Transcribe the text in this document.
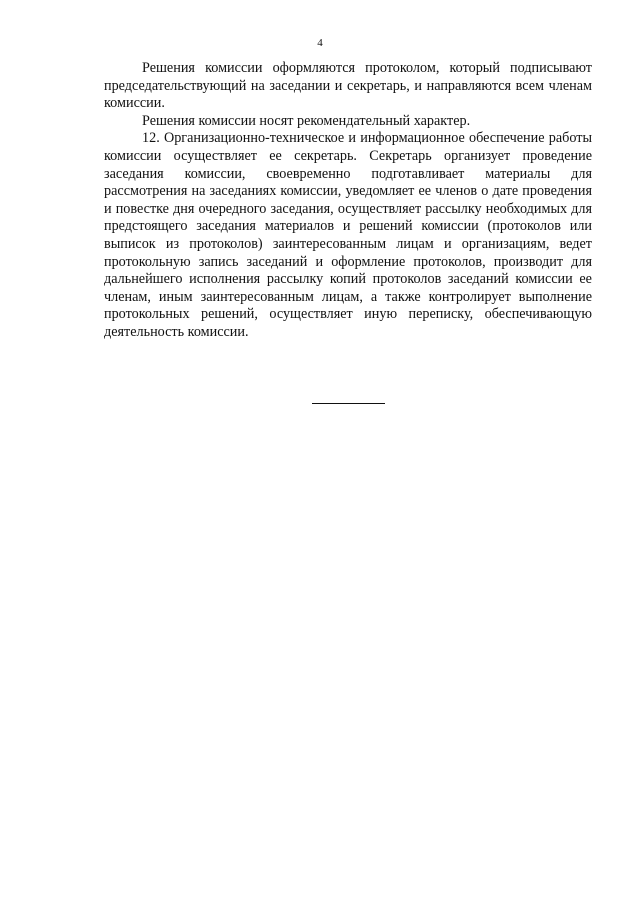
4

Решения комиссии оформляются протоколом, который подписывают председательствующий на заседании и секретарь, и направляются всем членам комиссии.

Решения комиссии носят рекомендательный характер.

12. Организационно-техническое и информационное обеспечение работы комиссии осуществляет ее секретарь. Секретарь организует проведение заседания комиссии, своевременно подготавливает материалы для рассмотрения на заседаниях комиссии, уведомляет ее членов о дате проведения и повестке дня очередного заседания, осуществляет рассылку необходимых для предстоящего заседания материалов и решений комиссии (протоколов или выписок из протоколов) заинтересованным лицам и организациям, ведет протокольную запись заседаний и оформление протоколов, производит для дальнейшего исполнения рассылку копий протоколов заседаний комиссии ее членам, иным заинтересованным лицам, а также контролирует выполнение протокольных решений, осуществляет иную переписку, обеспечивающую деятельность комиссии.
